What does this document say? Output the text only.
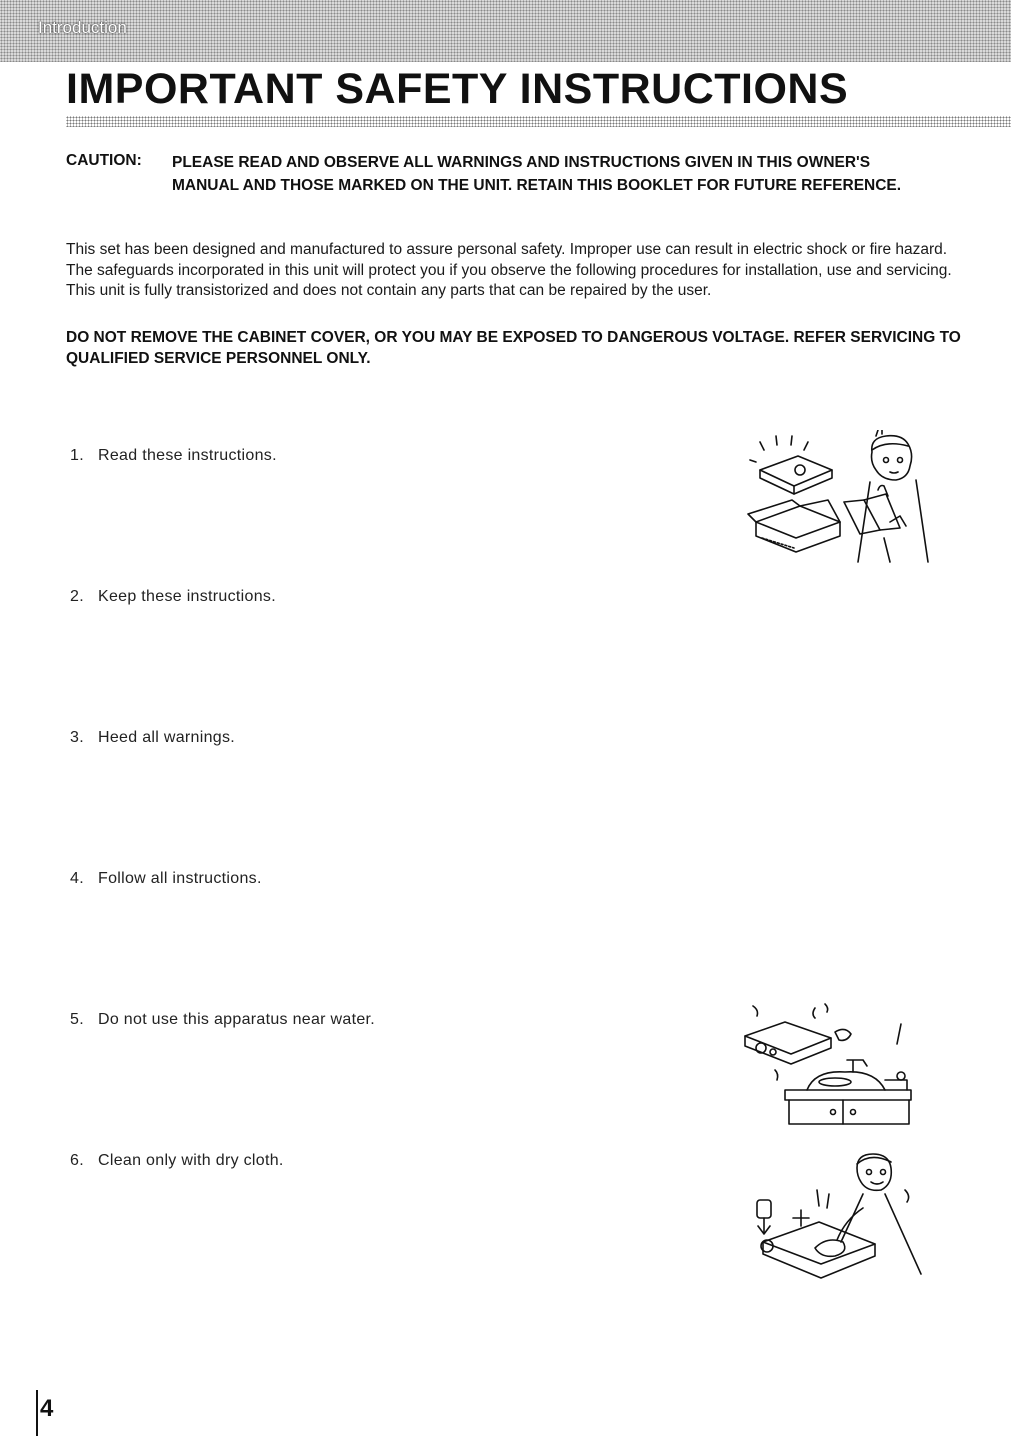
Introduction
IMPORTANT SAFETY INSTRUCTIONS
CAUTION: PLEASE READ AND OBSERVE ALL WARNINGS AND INSTRUCTIONS GIVEN IN THIS OWNER'S MANUAL AND THOSE MARKED ON THE UNIT. RETAIN THIS BOOKLET FOR FUTURE REFERENCE.
This set has been designed and manufactured to assure personal safety. Improper use can result in electric shock or fire hazard. The safeguards incorporated in this unit will protect you if you observe the following procedures for installation, use and servicing. This unit is fully transistorized and does not contain any parts that can be repaired by the user.
DO NOT REMOVE THE CABINET COVER, OR YOU MAY BE EXPOSED TO DANGEROUS VOLTAGE. REFER SERVICING TO QUALIFIED SERVICE PERSONNEL ONLY.
1. Read these instructions.
2. Keep these instructions.
3. Heed all warnings.
4. Follow all instructions.
5. Do not use this apparatus near water.
6. Clean only with dry cloth.
4
